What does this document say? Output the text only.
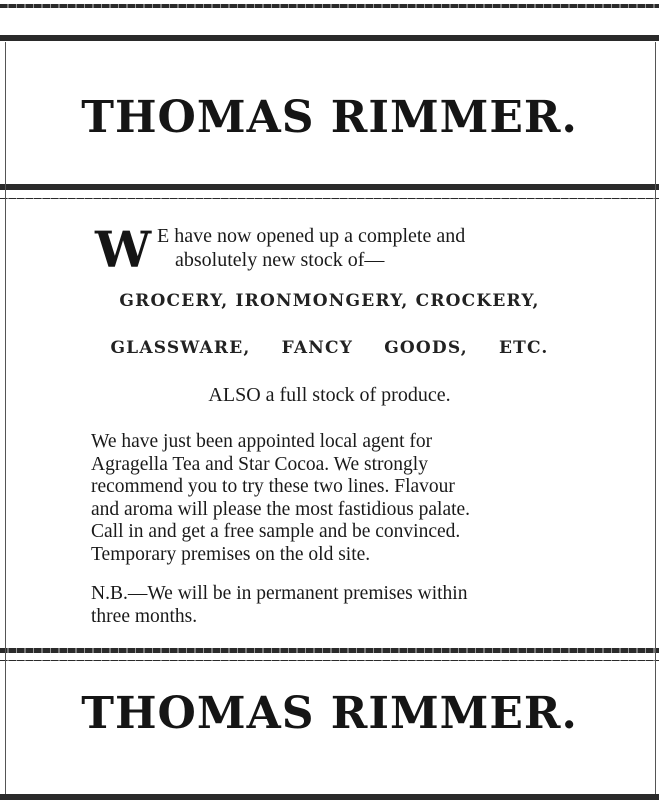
THOMAS RIMMER.
W E have now opened up a complete and
absolutely new stock of—
GROCERY, IRONMONGERY, CROCKERY,
GLASSWARE, FANCY GOODS, ETC.
ALSO a full stock of produce.
We have just been appointed local agent for
Agragella Tea and Star Cocoa. We strongly
recommend you to try these two lines. Flavour
and aroma will please the most fastidious palate.
Call in and get a free sample and be convinced.
Temporary premises on the old site.
N.B.—We will be in permanent premises within
three months.
THOMAS RIMMER.
